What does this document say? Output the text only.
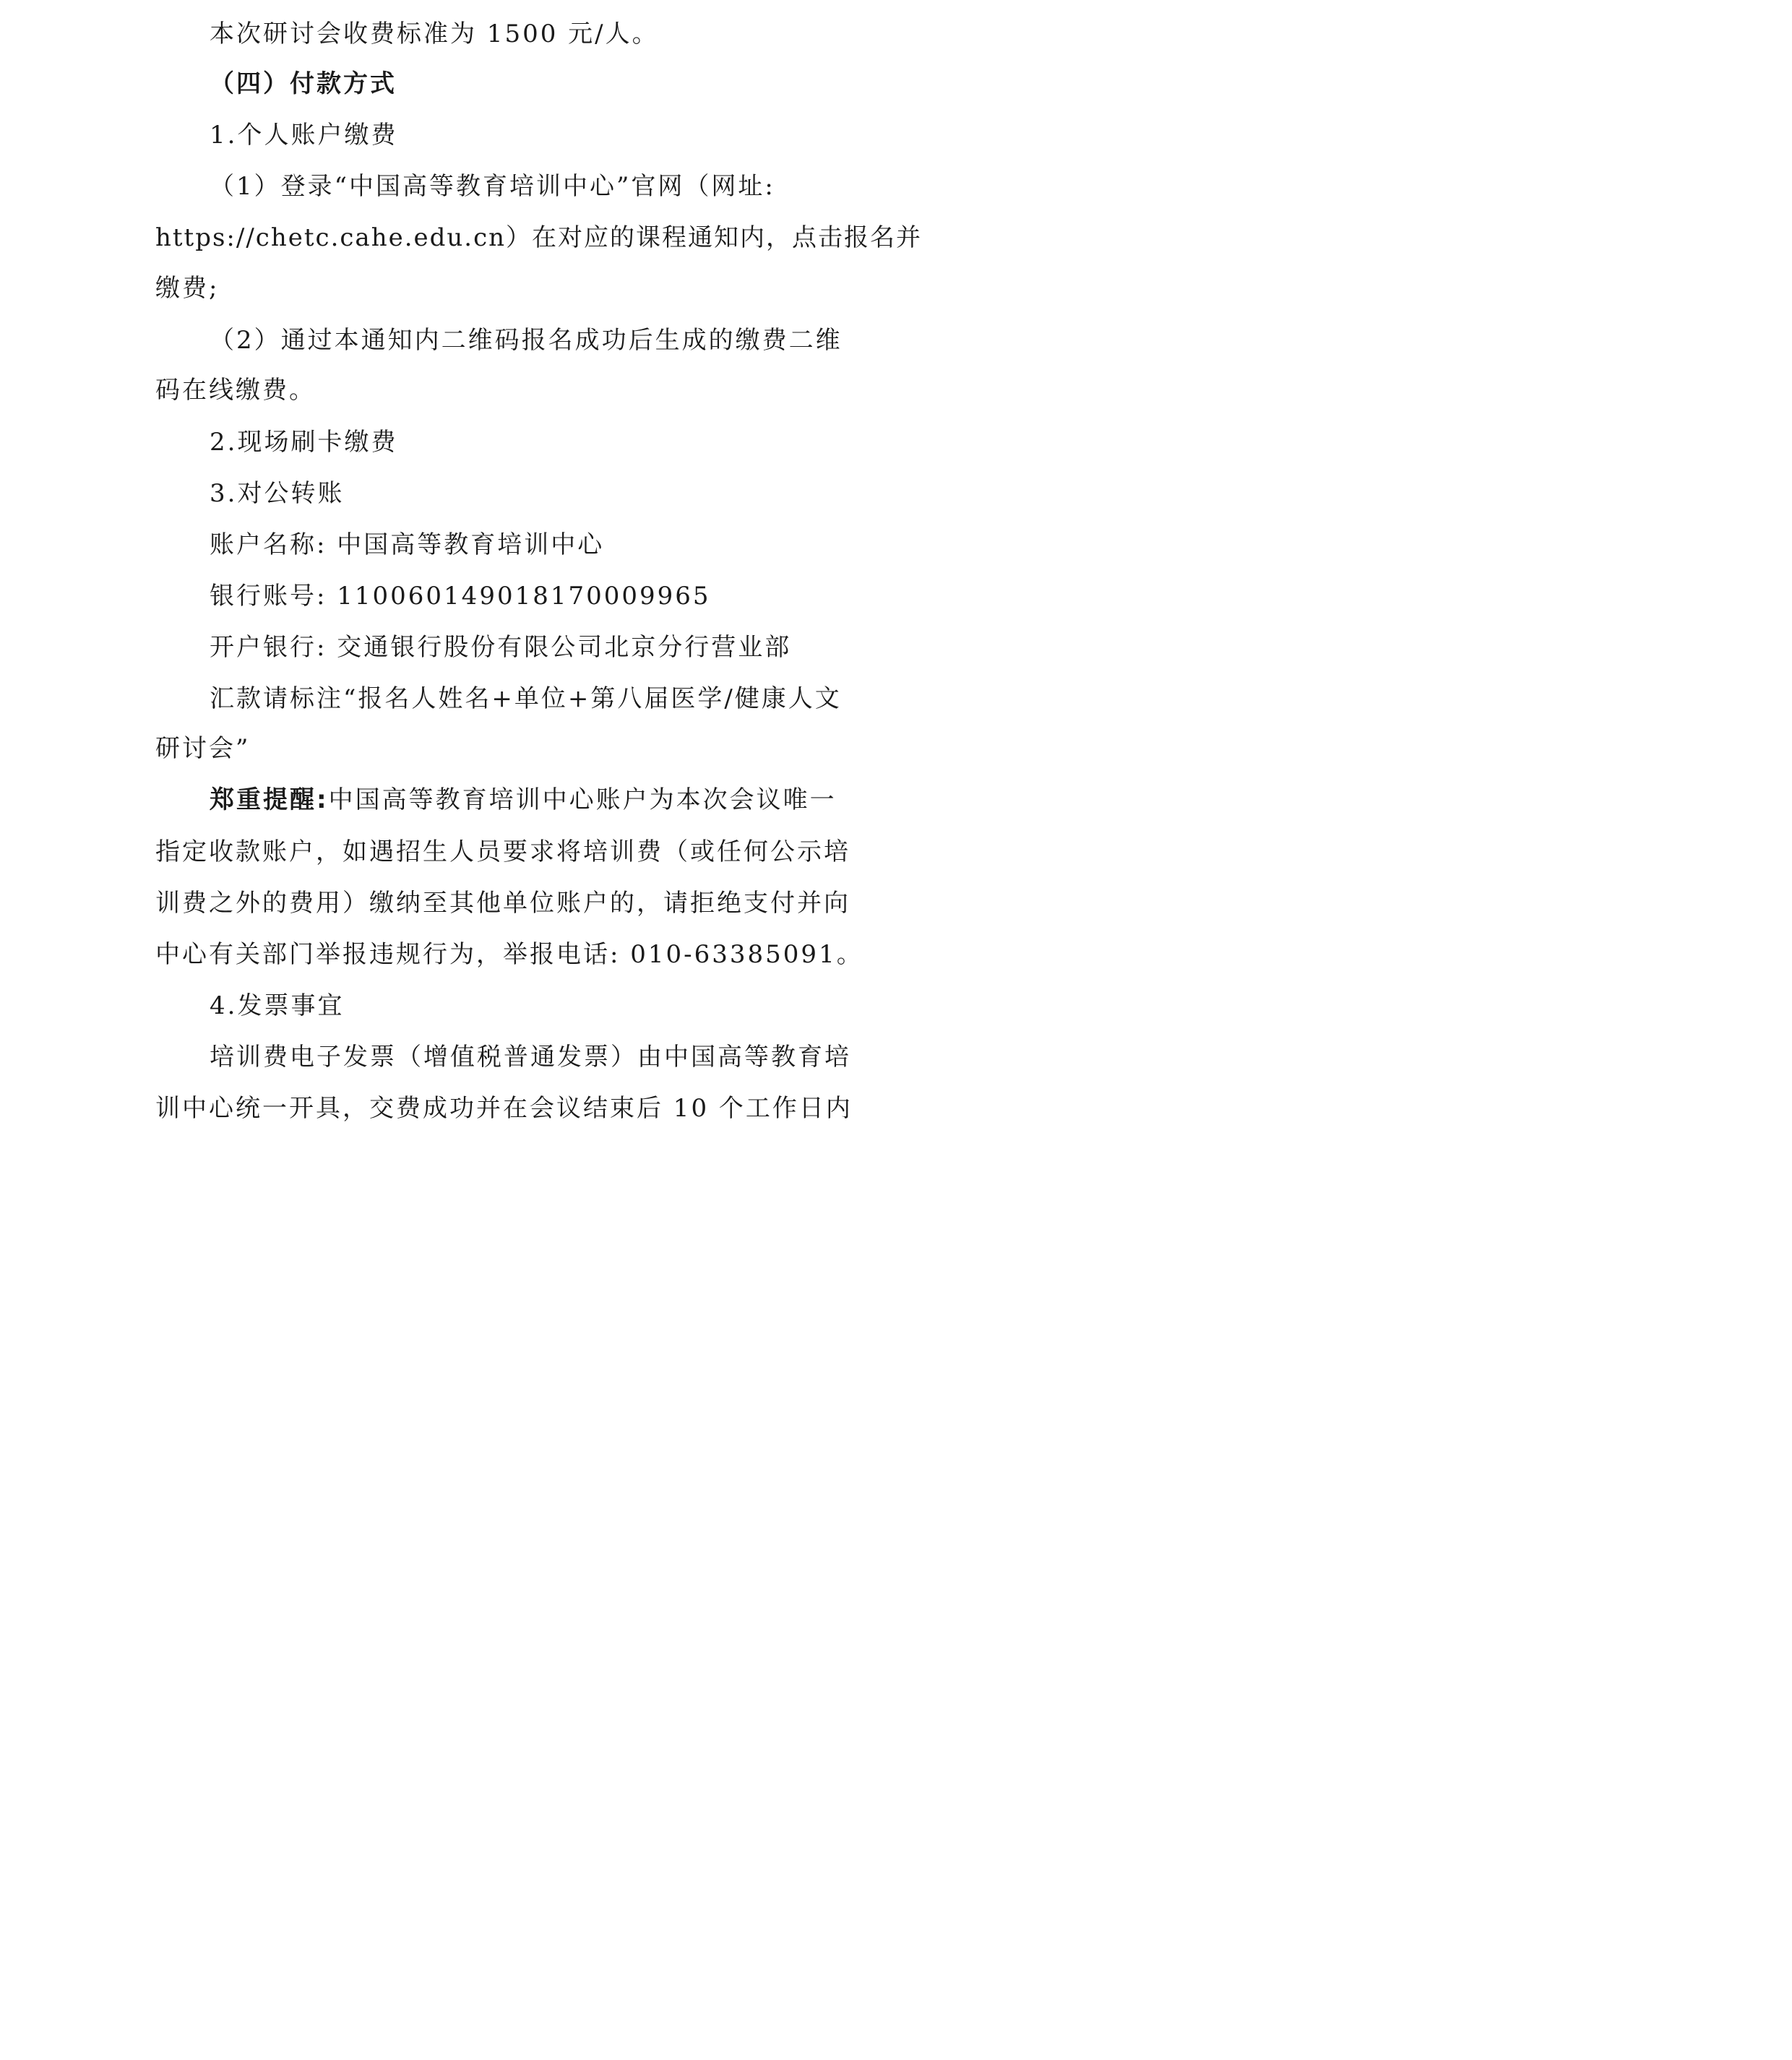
本次研讨会收费标准为 1500 元/人。
（四）付款方式
1.个人账户缴费
（1）登录“中国高等教育培训中心”官网（网址:
https://chetc.cahe.edu.cn）在对应的课程通知内，点击报名并
缴费;
（2）通过本通知内二维码报名成功后生成的缴费二维
码在线缴费。
2.现场刷卡缴费
3.对公转账
账户名称: 中国高等教育培训中心
银行账号: 110060149018170009965
开户银行: 交通银行股份有限公司北京分行营业部
汇款请标注“报名人姓名+单位+第八届医学/健康人文
研讨会”
郑重提醒:中国高等教育培训中心账户为本次会议唯一
指定收款账户，如遇招生人员要求将培训费（或任何公示培
训费之外的费用）缴纳至其他单位账户的，请拒绝支付并向
中心有关部门举报违规行为，举报电话: 010-63385091。
4.发票事宜
培训费电子发票（增值税普通发票）由中国高等教育培
训中心统一开具，交费成功并在会议结束后 10 个工作日内
